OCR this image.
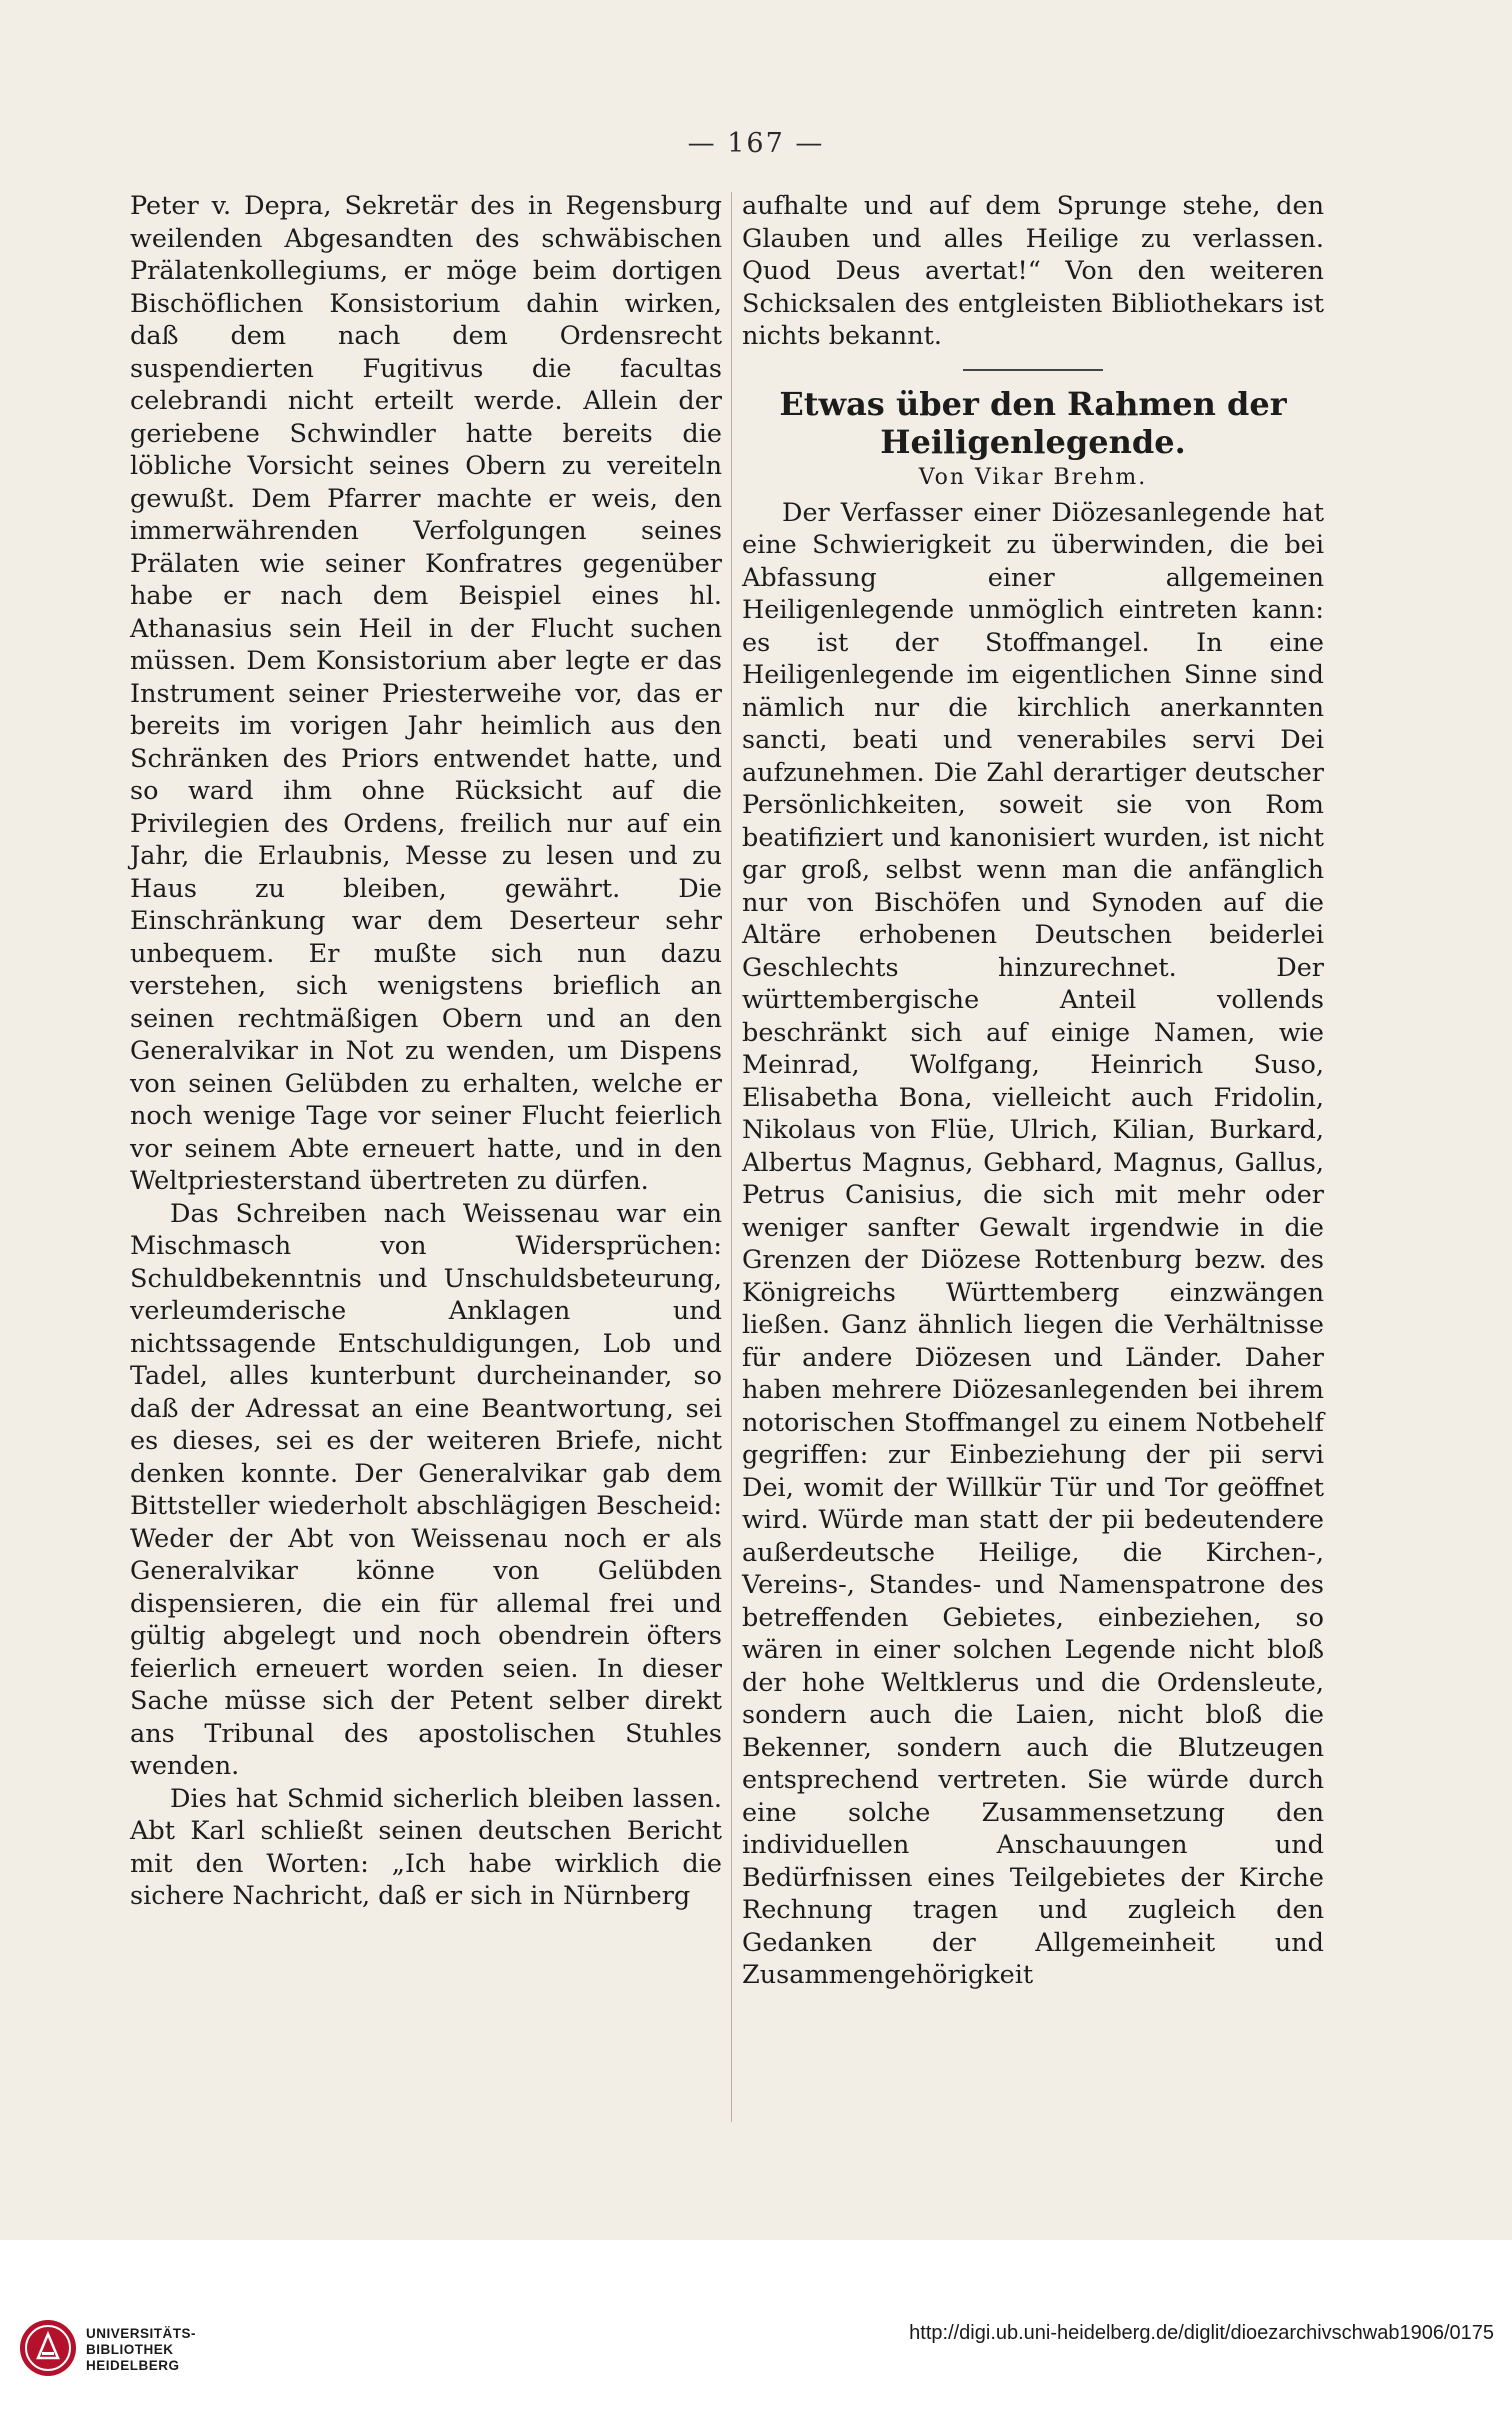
— 167 —

Peter v. Depra, Sekretär des in Regensburg weilenden Abgesandten des schwäbischen Prälatenkollegiums, er möge beim dortigen Bischöflichen Konsistorium dahin wirken, daß dem nach dem Ordensrecht suspendierten Fugitivus die facultas celebrandi nicht erteilt werde. Allein der geriebene Schwindler hatte bereits die löbliche Vorsicht seines Obern zu vereiteln gewußt. Dem Pfarrer machte er weis, den immerwährenden Verfolgungen seines Prälaten wie seiner Konfratres gegenüber habe er nach dem Beispiel eines hl. Athanasius sein Heil in der Flucht suchen müssen. Dem Konsistorium aber legte er das Instrument seiner Priesterweihe vor, das er bereits im vorigen Jahr heimlich aus den Schränken des Priors entwendet hatte, und so ward ihm ohne Rücksicht auf die Privilegien des Ordens, freilich nur auf ein Jahr, die Erlaubnis, Messe zu lesen und zu Haus zu bleiben, gewährt. Die Einschränkung war dem Deserteur sehr unbequem. Er mußte sich nun dazu verstehen, sich wenigstens brieflich an seinen rechtmäßigen Obern und an den Generalvikar in Not zu wenden, um Dispens von seinen Gelübden zu erhalten, welche er noch wenige Tage vor seiner Flucht feierlich vor seinem Abte erneuert hatte, und in den Weltpriesterstand übertreten zu dürfen.

Das Schreiben nach Weissenau war ein Mischmasch von Widersprüchen: Schuldbekenntnis und Unschuldsbeteurung, verleumderische Anklagen und nichtssagende Entschuldigungen, Lob und Tadel, alles kunterbunt durcheinander, so daß der Adressat an eine Beantwortung, sei es dieses, sei es der weiteren Briefe, nicht denken konnte. Der Generalvikar gab dem Bittsteller wiederholt abschlägigen Bescheid: Weder der Abt von Weissenau noch er als Generalvikar könne von Gelübden dispensieren, die ein für allemal frei und gültig abgelegt und noch obendrein öfters feierlich erneuert worden seien. In dieser Sache müsse sich der Petent selber direkt ans Tribunal des apostolischen Stuhles wenden.

Dies hat Schmid sicherlich bleiben lassen. Abt Karl schließt seinen deutschen Bericht mit den Worten: „Ich habe wirklich die sichere Nachricht, daß er sich in Nürnberg

aufhalte und auf dem Sprunge stehe, den Glauben und alles Heilige zu verlassen. Quod Deus avertat!“ Von den weiteren Schicksalen des entgleisten Bibliothekars ist nichts bekannt.

Etwas über den Rahmen der
Heiligenlegende.
Von Vikar Brehm.

Der Verfasser einer Diözesanlegende hat eine Schwierigkeit zu überwinden, die bei Abfassung einer allgemeinen Heiligenlegende unmöglich eintreten kann: es ist der Stoffmangel. In eine Heiligenlegende im eigentlichen Sinne sind nämlich nur die kirchlich anerkannten sancti, beati und venerabiles servi Dei aufzunehmen. Die Zahl derartiger deutscher Persönlichkeiten, soweit sie von Rom beatifiziert und kanonisiert wurden, ist nicht gar groß, selbst wenn man die anfänglich nur von Bischöfen und Synoden auf die Altäre erhobenen Deutschen beiderlei Geschlechts hinzurechnet. Der württembergische Anteil vollends beschränkt sich auf einige Namen, wie Meinrad, Wolfgang, Heinrich Suso, Elisabetha Bona, vielleicht auch Fridolin, Nikolaus von Flüe, Ulrich, Kilian, Burkard, Albertus Magnus, Gebhard, Magnus, Gallus, Petrus Canisius, die sich mit mehr oder weniger sanfter Gewalt irgendwie in die Grenzen der Diözese Rottenburg bezw. des Königreichs Württemberg einzwängen ließen. Ganz ähnlich liegen die Verhältnisse für andere Diözesen und Länder. Daher haben mehrere Diözesanlegenden bei ihrem notorischen Stoffmangel zu einem Notbehelf gegriffen: zur Einbeziehung der pii servi Dei, womit der Willkür Tür und Tor geöffnet wird. Würde man statt der pii bedeutendere außerdeutsche Heilige, die Kirchen-, Vereins-, Standes- und Namenspatrone des betreffenden Gebietes, einbeziehen, so wären in einer solchen Legende nicht bloß der hohe Weltklerus und die Ordensleute, sondern auch die Laien, nicht bloß die Bekenner, sondern auch die Blutzeugen entsprechend vertreten. Sie würde durch eine solche Zusammensetzung den individuellen Anschauungen und Bedürfnissen eines Teilgebietes der Kirche Rechnung tragen und zugleich den Gedanken der Allgemeinheit und Zusammengehörigkeit

UNIVERSITÄTS-
BIBLIOTHEK
HEIDELBERG
http://digi.ub.uni-heidelberg.de/diglit/dioezarchivschwab1906/0175
